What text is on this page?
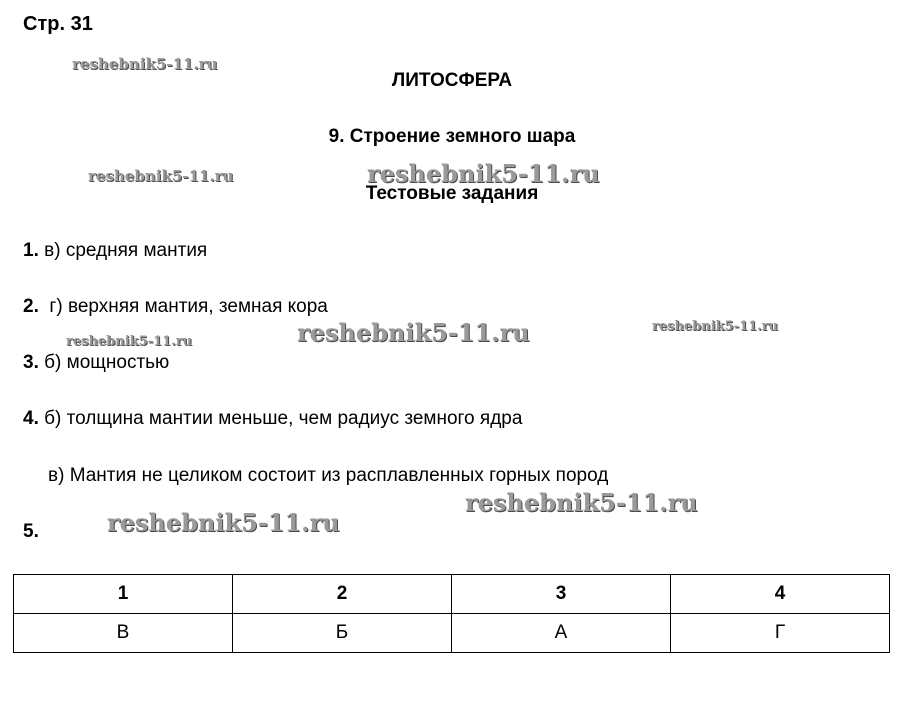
Стр. 31
ЛИТОСФЕРА
9. Строение земного шара
Тестовые задания
1. в) средняя мантия
2.  г) верхняя мантия, земная кора
3. б) мощностью
4. б) толщина мантии меньше, чем радиус земного ядра
в) Мантия не целиком состоит из расплавленных горных пород
5.
reshebnik5-11.ru
reshebnik5-11.ru	reshebnik5-11.ru
reshebnik5-11.ru	reshebnik5-11.ru	reshebnik5-11.ru
reshebnik5-11.ru
reshebnik5-11.ru
1	2	3	4
В	Б	А	Г
